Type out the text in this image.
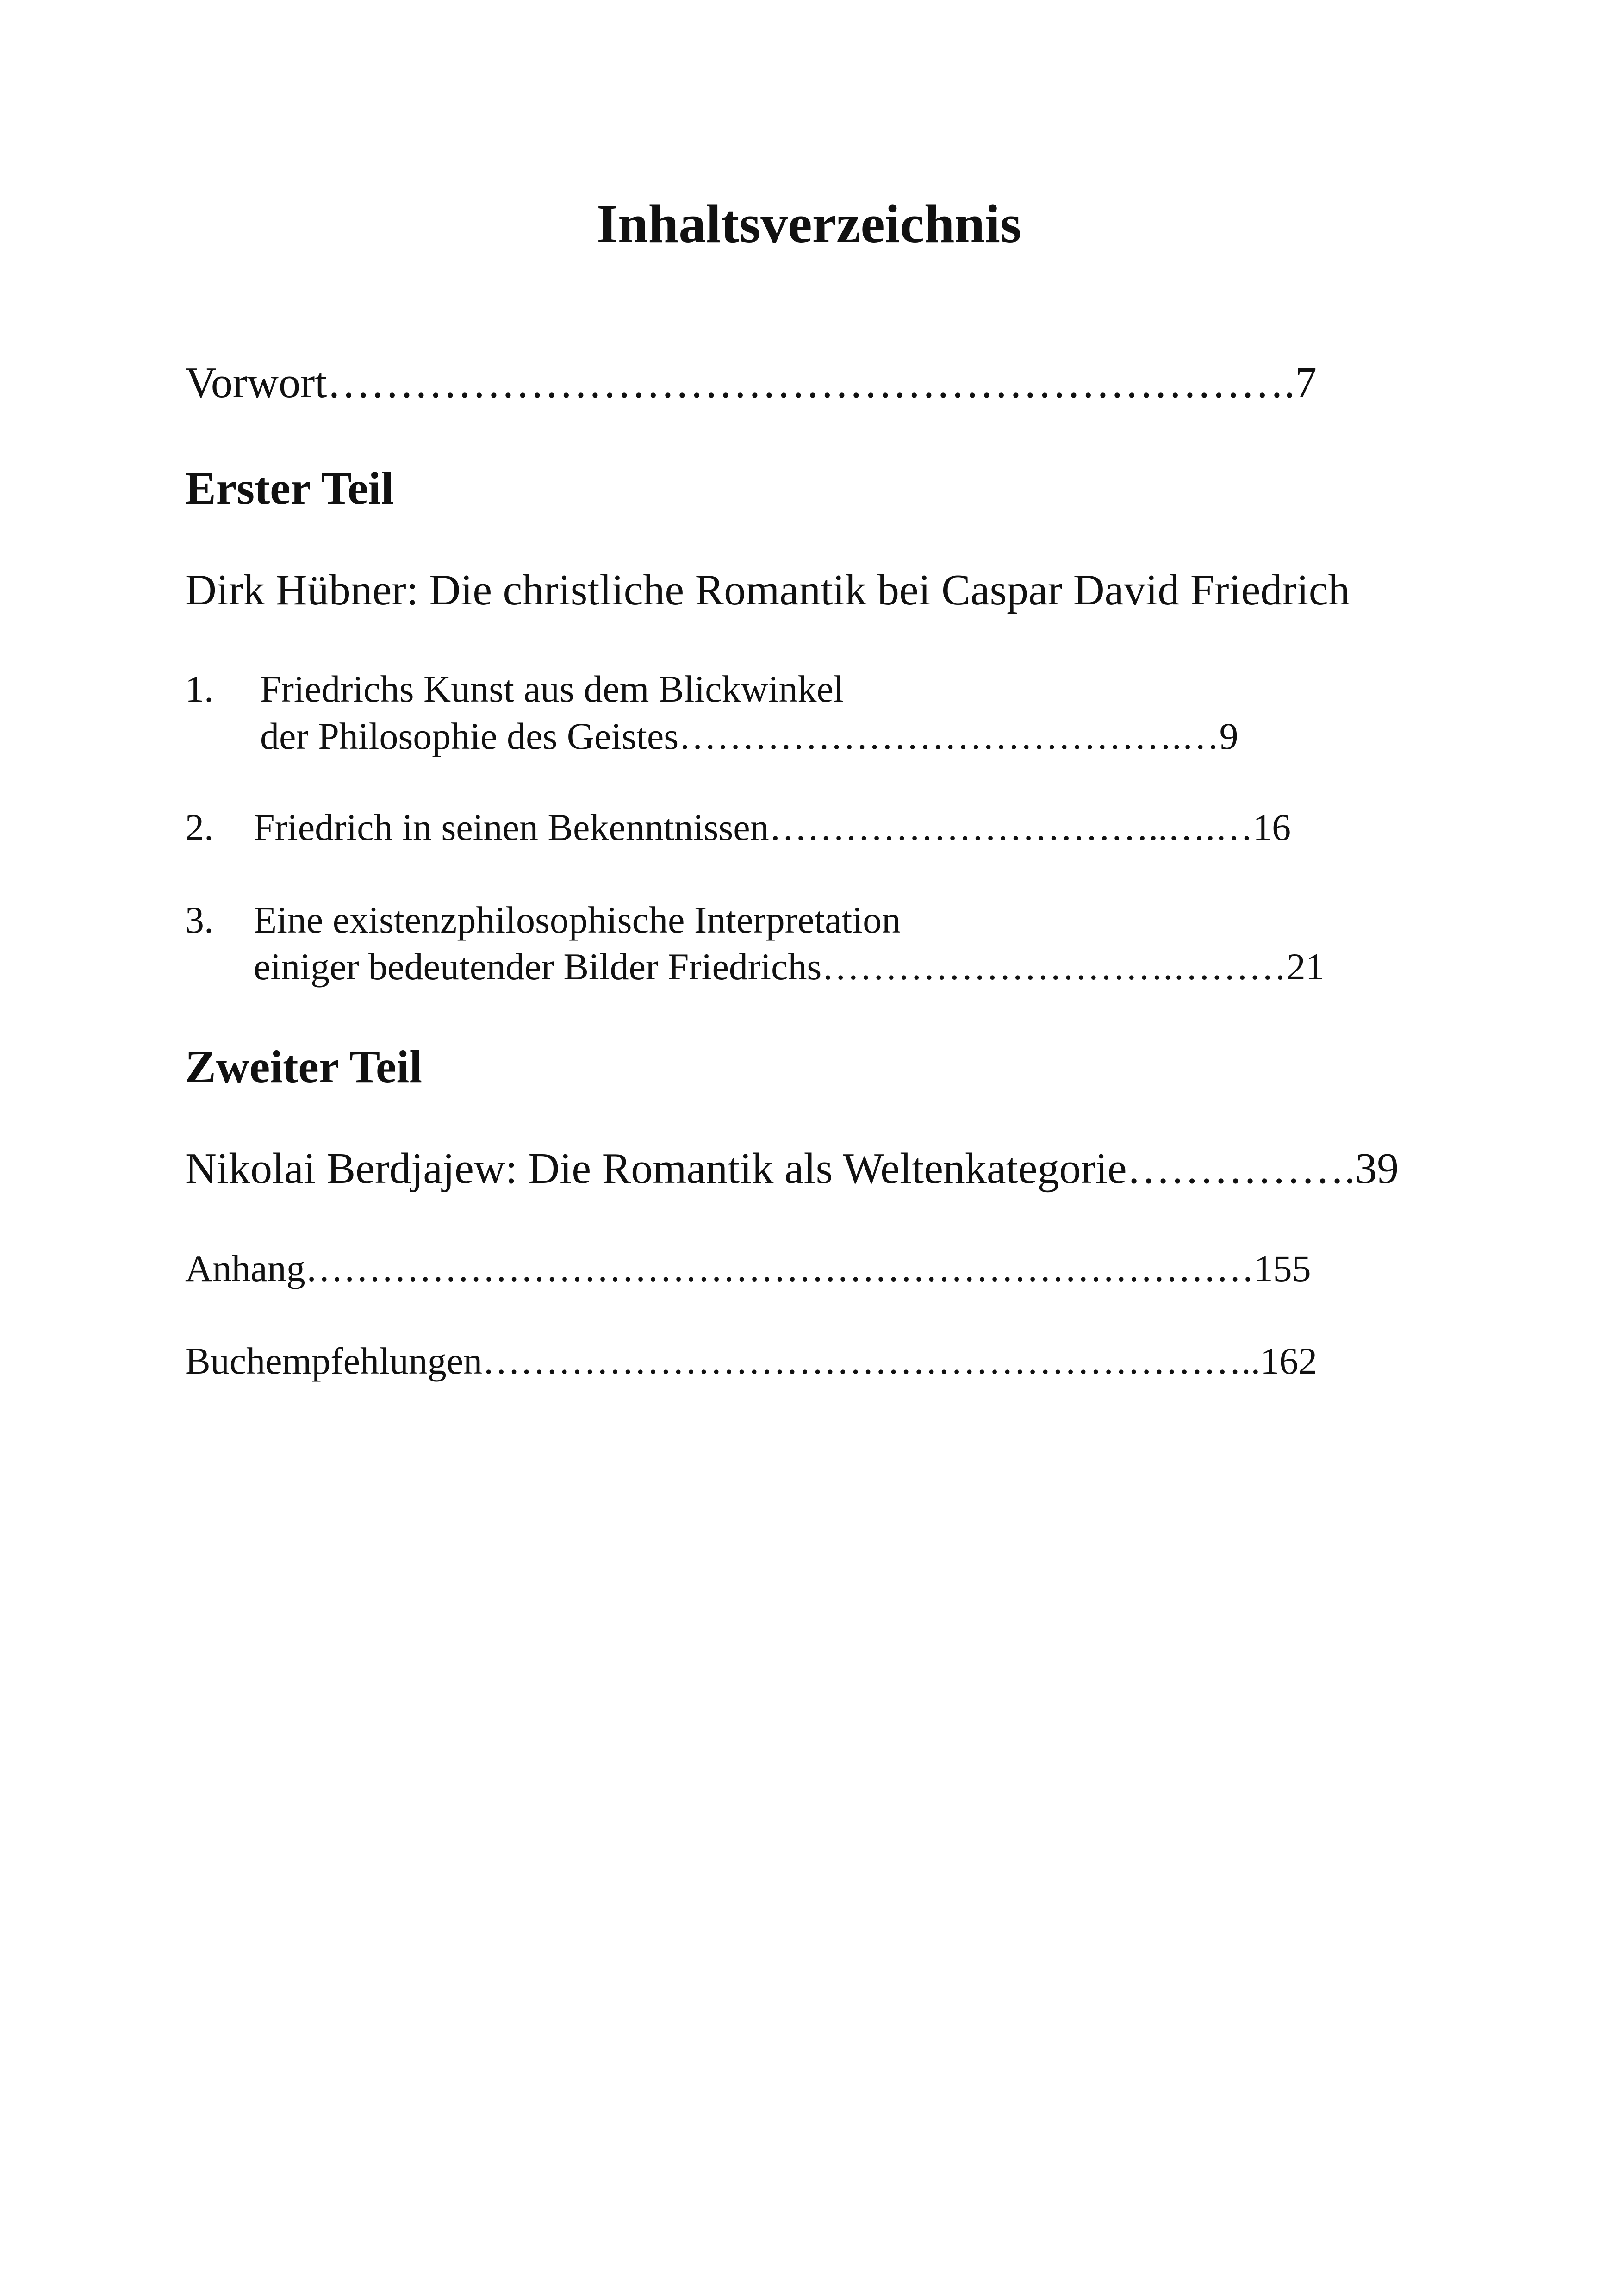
Inhaltsverzeichnis
Vorwort………………………………………………………….7
Erster Teil
Dirk Hübner: Die christliche Romantik bei Caspar David Friedrich
1. Friedrichs Kunst aus dem Blickwinkel
der Philosophie des Geistes………………………………….…9
2. Friedrich in seinen Bekenntnissen…………………………..….…16
3. Eine existenzphilosophische Interpretation
einiger bedeutender Bilder Friedrichs……………………….………21
Zweiter Teil
Nikolai Berdjajew: Die Romantik als Weltenkategorie…………….39
Anhang…………………………………………………………………155
Buchempfehlungen……………………………………………………..162
